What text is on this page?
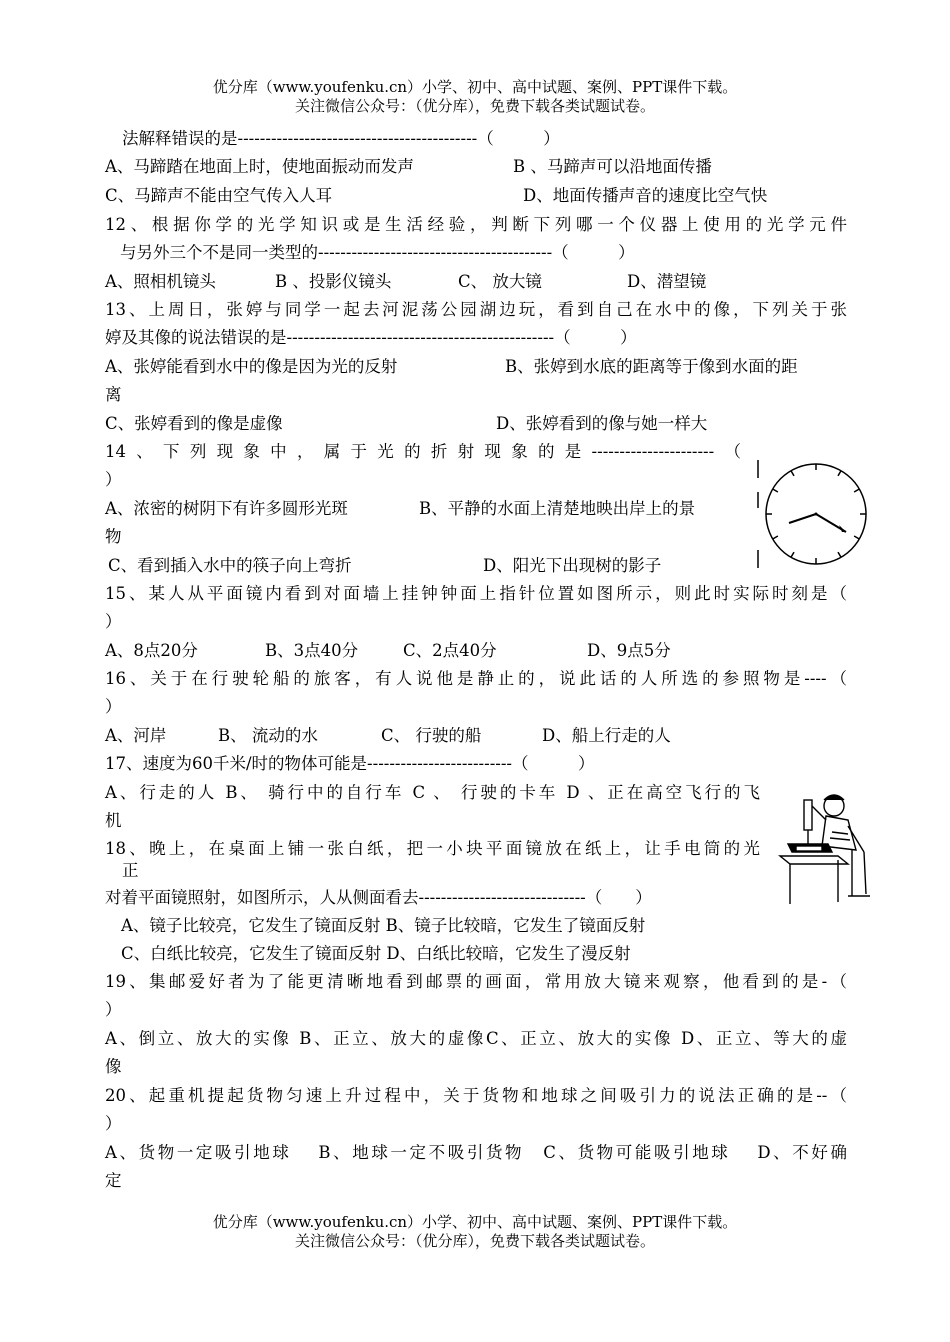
优分库（www.youfenku.cn）小学、初中、高中试题、案例、PPT课件下载。
关注微信公众号：（优分库），免费下载各类试题试卷。
法解释错误的是-------------------------------------------（　　　）
A、马蹄踏在地面上时，使地面振动而发声	B 、马蹄声可以沿地面传播
C、马蹄声不能由空气传入人耳	D、地面传播声音的速度比空气快
12、根据你学的光学知识或是生活经验，判断下列哪一个仪器上使用的光学元件
与另外三个不是同一类型的------------------------------------------（　　　）
A、照相机镜头	B 、投影仪镜头	C、 放大镜	D、潜望镜
13、上周日，张婷与同学一起去河泥荡公园湖边玩，看到自己在水中的像，下列关于张
婷及其像的说法错误的是------------------------------------------------（　　　）
A、张婷能看到水中的像是因为光的反射	B、张婷到水底的距离等于像到水面的距
离
C、张婷看到的像是虚像	D、张婷看到的像与她一样大
14、下列现象中，属于光的折射现象的是----------------------（
）
A、浓密的树阴下有许多圆形光斑	B、平静的水面上清楚地映出岸上的景
物
C、看到插入水中的筷子向上弯折	D、阳光下出现树的影子
15、某人从平面镜内看到对面墙上挂钟钟面上指针位置如图所示，则此时实际时刻是（
）
A、8点20分	B、3点40分	C、2点40分	D、9点5分
16、关于在行驶轮船的旅客，有人说他是静止的，说此话的人所选的参照物是----（
）
A、河岸	B、 流动的水	C、 行驶的船	D、船上行走的人
17、速度为60千米/时的物体可能是--------------------------（　　　）
A、行走的人 B、 骑行中的自行车 C 、 行驶的卡车 D 、正在高空飞行的飞
机
18、晚上，在桌面上铺一张白纸，把一小块平面镜放在纸上，让手电筒的光
正
对着平面镜照射，如图所示，人从侧面看去------------------------------（　　）
A、镜子比较亮，它发生了镜面反射 B、镜子比较暗，它发生了镜面反射
C、白纸比较亮，它发生了镜面反射 D、白纸比较暗，它发生了漫反射
19、集邮爱好者为了能更清晰地看到邮票的画面，常用放大镜来观察，他看到的是-（
）
A、倒立、放大的实像 B、正立、放大的虚像C、正立、放大的实像 D、正立、等大的虚
像
20、起重机提起货物匀速上升过程中，关于货物和地球之间吸引力的说法正确的是--（
）
A、货物一定吸引地球　 B、地球一定不吸引货物　C、货物可能吸引地球　 D、不好确
定
优分库（www.youfenku.cn）小学、初中、高中试题、案例、PPT课件下载。
关注微信公众号：（优分库），免费下载各类试题试卷。
